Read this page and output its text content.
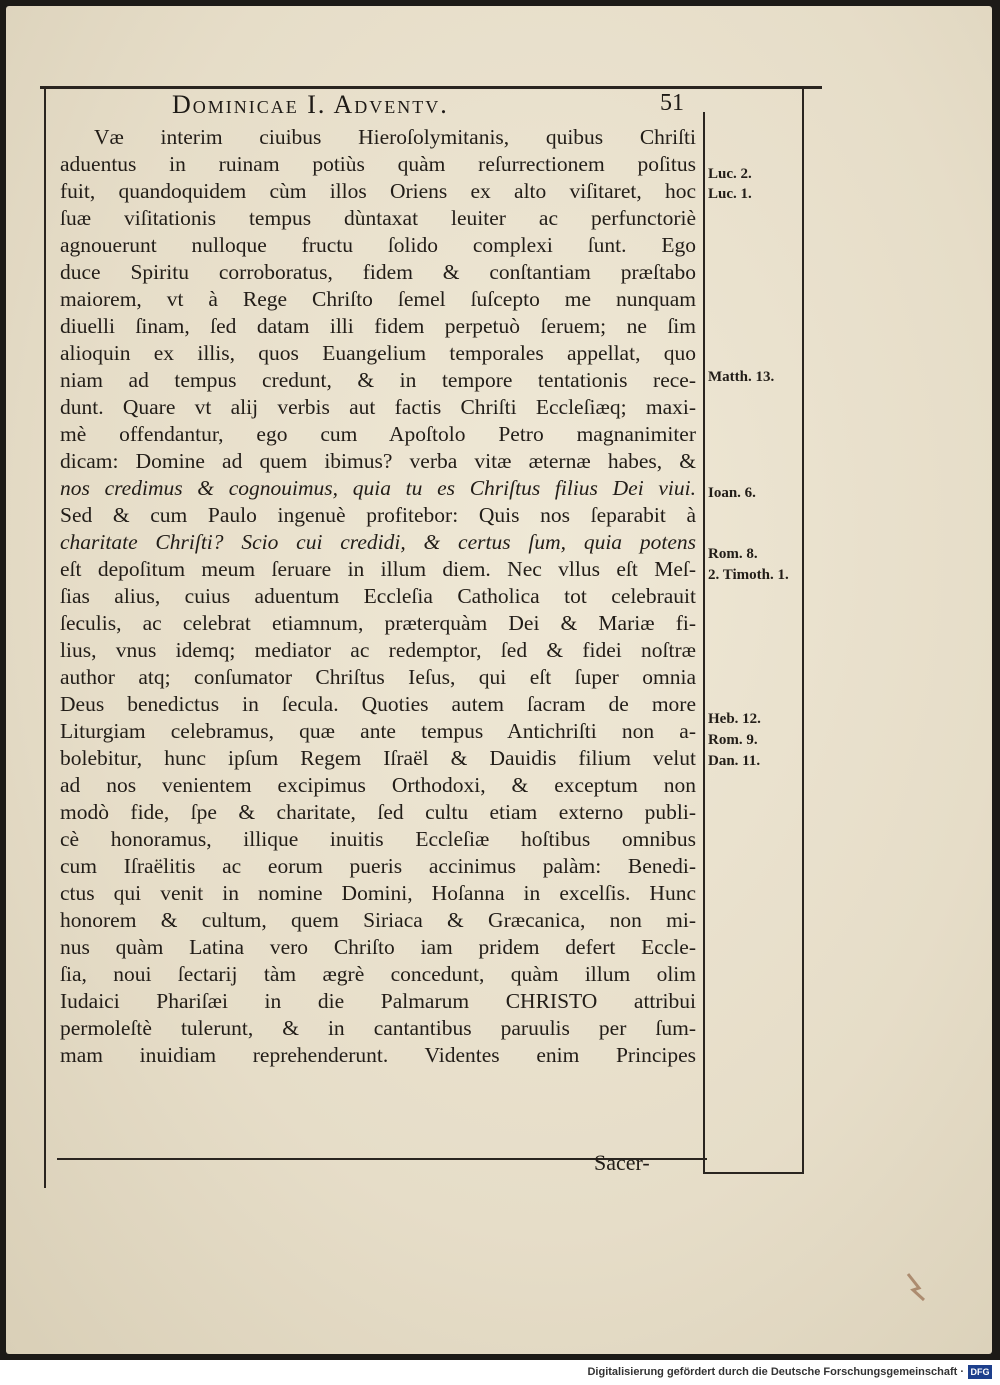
Dominicae I. Adventv.	51
Væ interim ciuibus Hieroſolymitanis, quibus Chriſti
aduentus in ruinam potiùs quàm reſurrectionem poſitus
fuit, quandoquidem cùm illos Oriens ex alto viſitaret, hoc
ſuæ viſitationis tempus dùntaxat leuiter ac perfunctoriè
agnouerunt nulloque fructu ſolido complexi ſunt. Ego
duce Spiritu corroboratus, fidem & conſtantiam præſtabo
maiorem, vt à Rege Chriſto ſemel ſuſcepto me nunquam
diuelli ſinam, ſed datam illi fidem perpetuò ſeruem; ne ſim
alioquin ex illis, quos Euangelium temporales appellat, quo
niam ad tempus credunt, & in tempore tentationis rece-
dunt. Quare vt alij verbis aut factis Chriſti Eccleſiæq; maxi-
mè offendantur, ego cum Apoſtolo Petro magnanimiter
dicam: Domine ad quem ibimus? verba vitæ æternæ habes, &
nos credimus & cognouimus, quia tu es Chriſtus filius Dei viui.
Sed & cum Paulo ingenuè profitebor: Quis nos ſeparabit à
charitate Chriſti? Scio cui credidi, & certus ſum, quia potens
eſt depoſitum meum ſeruare in illum diem. Nec vllus eſt Meſ-
ſias alius, cuius aduentum Eccleſia Catholica tot celebrauit
ſeculis, ac celebrat etiamnum, præterquàm Dei & Mariæ fi-
lius, vnus idemq; mediator ac redemptor, ſed & fidei noſtræ
author atq; conſumator Chriſtus Ieſus, qui eſt ſuper omnia
Deus benedictus in ſecula. Quoties autem ſacram de more
Liturgiam celebramus, quæ ante tempus Antichriſti non a-
bolebitur, hunc ipſum Regem Iſraël & Dauidis filium velut
ad nos venientem excipimus Orthodoxi, & exceptum non
modò fide, ſpe & charitate, ſed cultu etiam externo publi-
cè honoramus, illique inuitis Eccleſiæ hoſtibus omnibus
cum Iſraëlitis ac eorum pueris accinimus palàm: Benedi-
ctus qui venit in nomine Domini, Hoſanna in excelſis. Hunc
honorem & cultum, quem Siriaca & Græcanica, non mi-
nus quàm Latina vero Chriſto iam pridem defert Eccle-
ſia, noui ſectarij tàm ægrè concedunt, quàm illum olim
Iudaici Phariſæi in die Palmarum CHRISTO attribui
permoleſtè tulerunt, & in cantantibus paruulis per ſum-
mam inuidiam reprehenderunt. Videntes enim Principes
Sacer-
Luc. 2.
Luc. 1.
Matth. 13.
Ioan. 6.
Rom. 8.
2. Timoth. 1.
Heb. 12.
Rom. 9.
Dan. 11.
Digitalisierung gefördert durch die Deutsche Forschungsgemeinschaft · DFG
